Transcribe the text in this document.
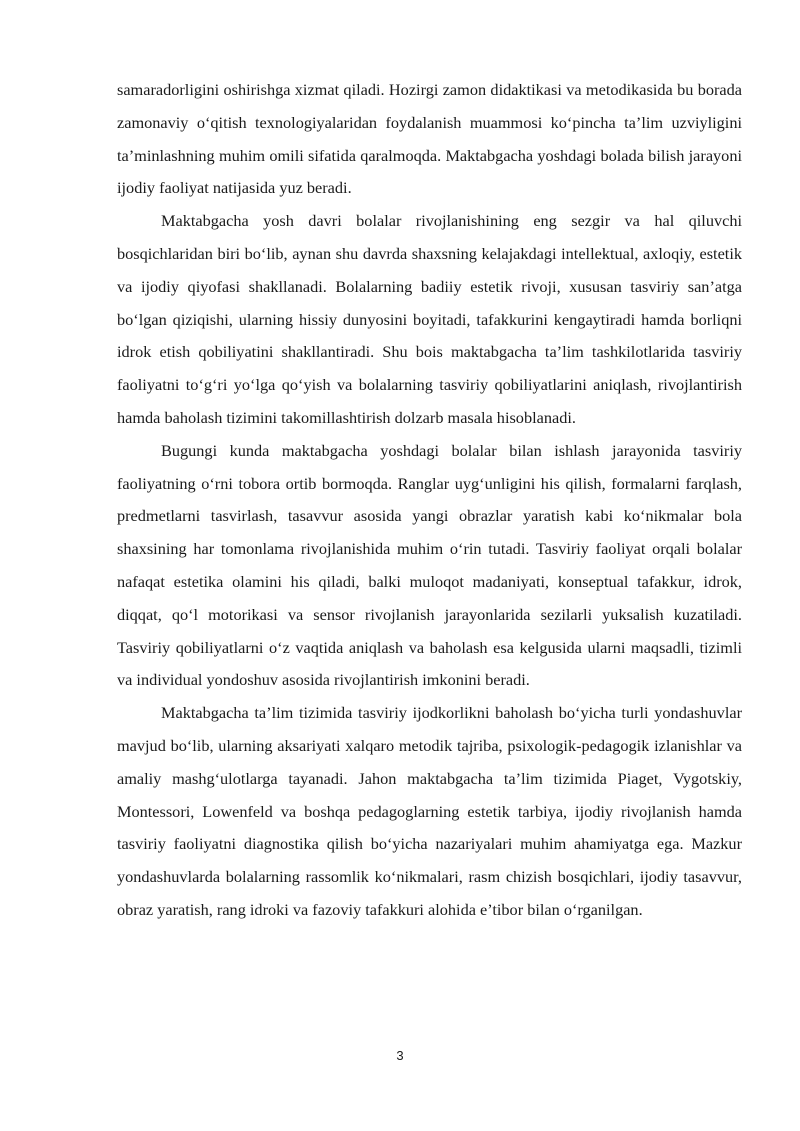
samaradorligini oshirishga xizmat qiladi. Hozirgi zamon didaktikasi va metodikasida bu borada zamonaviy o‘qitish texnologiyalaridan foydalanish muammosi ko‘pincha ta’lim uzviyligini ta’minlashning muhim omili sifatida qaralmoqda. Maktabgacha yoshdagi bolada bilish jarayoni ijodiy faoliyat natijasida yuz beradi.

Maktabgacha yosh davri bolalar rivojlanishining eng sezgir va hal qiluvchi bosqichlaridan biri bo‘lib, aynan shu davrda shaxsning kelajakdagi intellektual, axloqiy, estetik va ijodiy qiyofasi shakllanadi. Bolalarning badiiy estetik rivoji, xususan tasviriy san’atga bo‘lgan qiziqishi, ularning hissiy dunyosini boyitadi, tafakkurini kengaytiradi hamda borliqni idrok etish qobiliyatini shakllantiradi. Shu bois maktabgacha ta’lim tashkilotlarida tasviriy faoliyatni to‘g‘ri yo‘lga qo‘yish va bolalarning tasviriy qobiliyatlarini aniqlash, rivojlantirish hamda baholash tizimini takomillashtirish dolzarb masala hisoblanadi.

Bugungi kunda maktabgacha yoshdagi bolalar bilan ishlash jarayonida tasviriy faoliyatning o‘rni tobora ortib bormoqda. Ranglar uyg‘unligini his qilish, formalarni farqlash, predmetlarni tasvirlash, tasavvur asosida yangi obrazlar yaratish kabi ko‘nikmalar bola shaxsining har tomonlama rivojlanishida muhim o‘rin tutadi. Tasviriy faoliyat orqali bolalar nafaqat estetika olamini his qiladi, balki muloqot madaniyati, konseptual tafakkur, idrok, diqqat, qo‘l motorikasi va sensor rivojlanish jarayonlarida sezilarli yuksalish kuzatiladi. Tasviriy qobiliyatlarni o‘z vaqtida aniqlash va baholash esa kelgusida ularni maqsadli, tizimli va individual yondoshuv asosida rivojlantirish imkonini beradi.

Maktabgacha ta’lim tizimida tasviriy ijodkorlikni baholash bo‘yicha turli yondashuvlar mavjud bo‘lib, ularning aksariyati xalqaro metodik tajriba, psixologik-pedagogik izlanishlar va amaliy mashg‘ulotlarga tayanadi. Jahon maktabgacha ta’lim tizimida Piaget, Vygotskiy, Montessori, Lowenfeld va boshqa pedagoglarning estetik tarbiya, ijodiy rivojlanish hamda tasviriy faoliyatni diagnostika qilish bo‘yicha nazariyalari muhim ahamiyatga ega. Mazkur yondashuvlarda bolalarning rassomlik ko‘nikmalari, rasm chizish bosqichlari, ijodiy tasavvur, obraz yaratish, rang idroki va fazoviy tafakkuri alohida e’tibor bilan o‘rganilgan.

3
